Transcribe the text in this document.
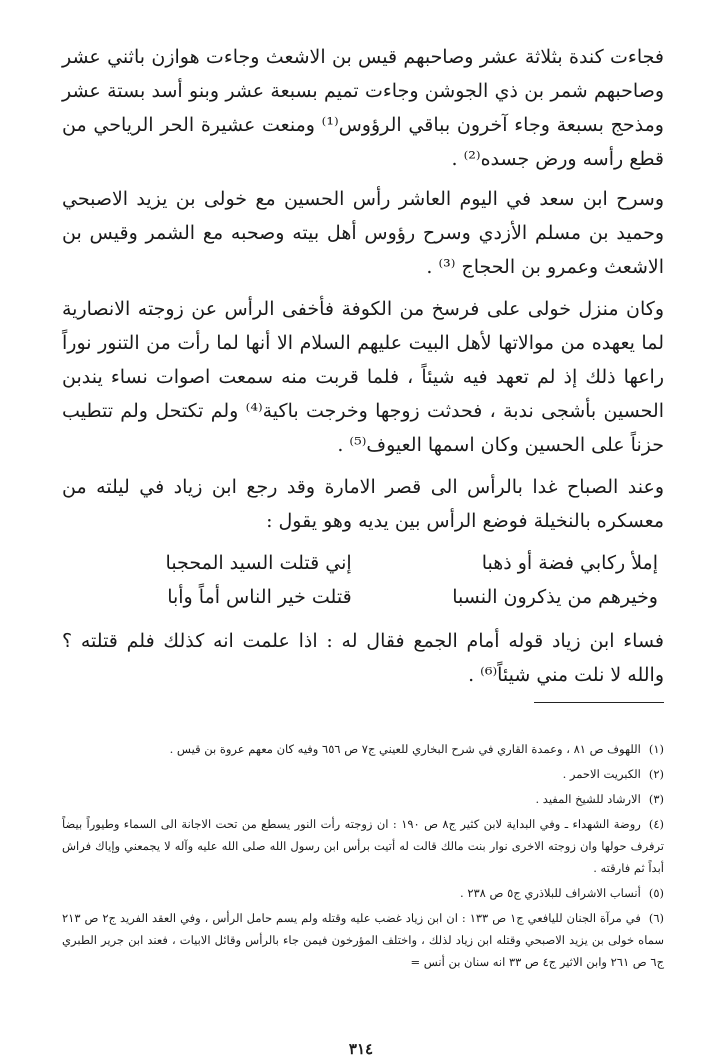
فجاءت كندة بثلاثة عشر وصاحبهم قيس بن الاشعث وجاءت هوازن باثني عشر وصاحبهم شمر بن ذي الجوشن وجاءت تميم بسبعة عشر وبنو أسد بستة عشر ومذحج بسبعة وجاء آخرون بباقي الرؤوس⁽¹⁾ ومنعت عشيرة الحر الرياحي من قطع رأسه ورض جسده⁽²⁾ .

وسرح ابن سعد في اليوم العاشر رأس الحسين مع خولى بن يزيد الاصبحي وحميد بن مسلم الأزدي وسرح رؤوس أهل بيته وصحبه مع الشمر وقيس بن الاشعث وعمرو بن الحجاج ⁽³⁾ .

وكان منزل خولى على فرسخ من الكوفة فأخفى الرأس عن زوجته الانصارية لما يعهده من موالاتها لأهل البيت عليهم السلام الا أنها لما رأت من التنور نوراً راعها ذلك إذ لم تعهد فيه شيئاً ، فلما قربت منه سمعت اصوات نساء يندبن الحسين بأشجى ندبة ، فحدثت زوجها وخرجت باكية⁽⁴⁾ ولم تكتحل ولم تتطيب حزناً على الحسين وكان اسمها العيوف⁽⁵⁾ .

وعند الصباح غدا بالرأس الى قصر الامارة وقد رجع ابن زياد في ليلته من معسكره بالنخيلة فوضع الرأس بين يديه وهو يقول :

إملأ ركابي فضة أو ذهبا
إني قتلت السيد المحجبا
وخيرهم من يذكرون النسبا
قتلت خير الناس أماً وأبا

فساء ابن زياد قوله أمام الجمع فقال له : اذا علمت انه كذلك فلم قتلته ؟ والله لا نلت مني شيئاً⁽⁶⁾ .

(١)اللهوف ص ٨١ ، وعمدة القاري في شرح البخاري للعيني ج٧ ص ٦٥٦ وفيه كان معهم عروة بن قيس .

(٢)الكبريت الاحمر .

(٣)الارشاد للشيخ المفيد .

(٤)روضة الشهداء ـ وفي البداية لابن كثير ج٨ ص ١٩٠ : ان زوجته رأت النور يسطع من تحت الاجانة الى السماء وطيوراً بيضاً ترفرف حولها وان زوجته الاخرى نوار بنت مالك قالت له أتيت برأس ابن رسول الله صلى الله عليه وآله لا يجمعني وإياك فراش أبداً ثم فارقته .

(٥)أنساب الاشراف للبلاذري ج٥ ص ٢٣٨ .

(٦)في مرآة الجنان لليافعي ج١ ص ١٣٣ : ان ابن زياد غضب عليه وقتله ولم يسم حامل الرأس ، وفي العقد الفريد ج٢ ص ٢١٣ سماه خولى بن يزيد الاصبحي وقتله ابن زياد لذلك ، واختلف المؤرخون فيمن جاء بالرأس وقائل الابيات ، فعند ابن جرير الطبري ج٦ ص ٢٦١ وابن الاثير ج٤ ص ٣٣ انه سنان بن أنس =

٣١٤
